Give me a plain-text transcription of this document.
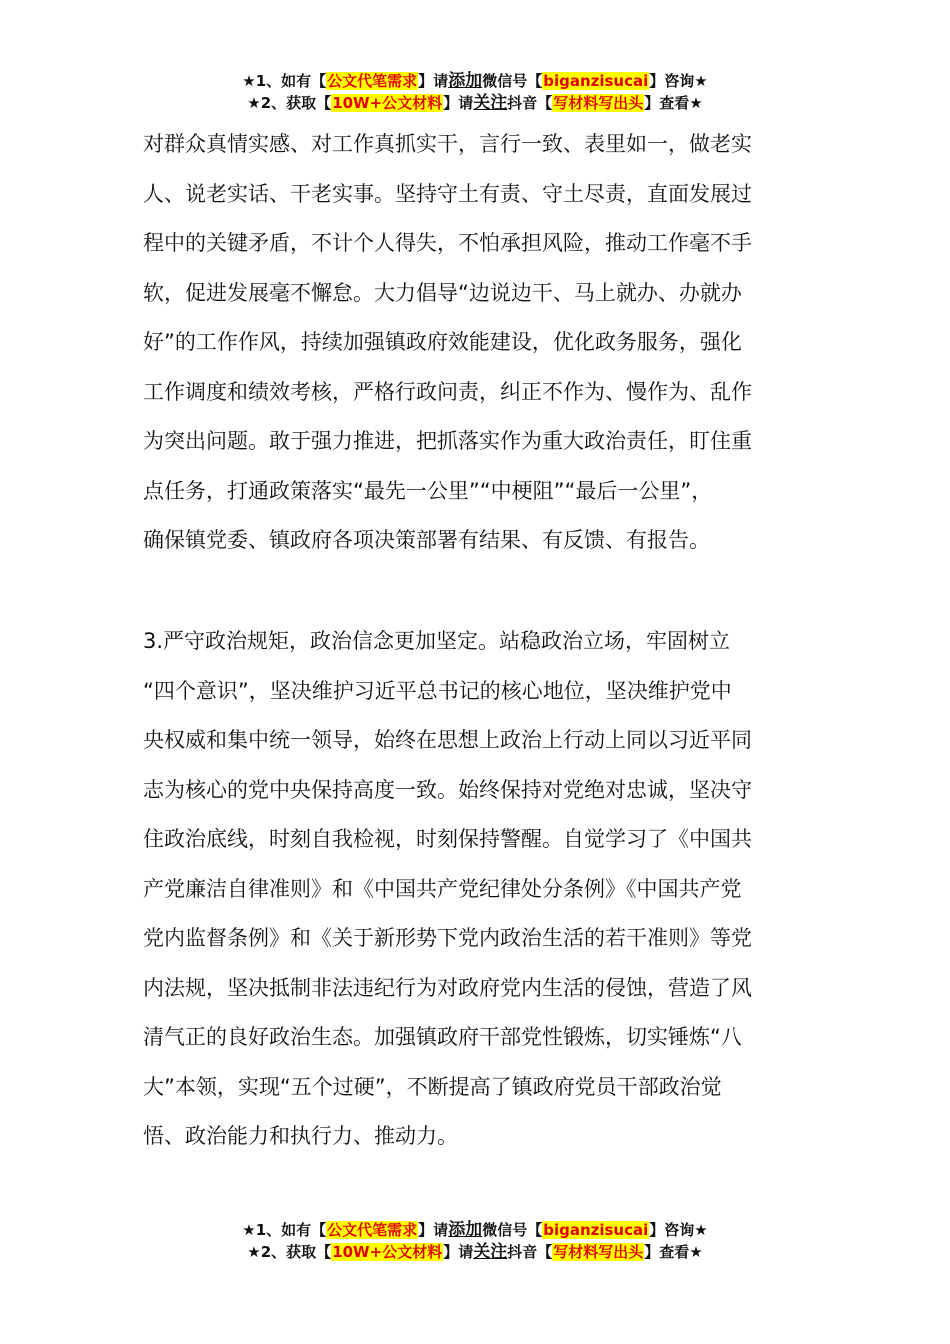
★1、如有【公文代笔需求】请添加微信号【biganzisucai】咨询★
★2、获取【10W+公文材料】请关注抖音【写材料写出头】查看★
对群众真情实感、对工作真抓实干，言行一致、表里如一，做老实
人、说老实话、干老实事。坚持守土有责、守土尽责，直面发展过
程中的关键矛盾，不计个人得失，不怕承担风险，推动工作毫不手
软，促进发展毫不懈怠。大力倡导“边说边干、马上就办、办就办
好”的工作作风，持续加强镇政府效能建设，优化政务服务，强化
工作调度和绩效考核，严格行政问责，纠正不作为、慢作为、乱作
为突出问题。敢于强力推进，把抓落实作为重大政治责任，盯住重
点任务，打通政策落实“最先一公里”“中梗阻”“最后一公里”，
确保镇党委、镇政府各项决策部署有结果、有反馈、有报告。
3.严守政治规矩，政治信念更加坚定。站稳政治立场，牢固树立
“四个意识”，坚决维护习近平总书记的核心地位，坚决维护党中
央权威和集中统一领导，始终在思想上政治上行动上同以习近平同
志为核心的党中央保持高度一致。始终保持对党绝对忠诚，坚决守
住政治底线，时刻自我检视，时刻保持警醒。自觉学习了《中国共
产党廉洁自律准则》和《中国共产党纪律处分条例》《中国共产党
党内监督条例》和《关于新形势下党内政治生活的若干准则》等党
内法规，坚决抵制非法违纪行为对政府党内生活的侵蚀，营造了风
清气正的良好政治生态。加强镇政府干部党性锻炼，切实锤炼“八
大”本领，实现“五个过硬”，不断提高了镇政府党员干部政治觉
悟、政治能力和执行力、推动力。
★1、如有【公文代笔需求】请添加微信号【biganzisucai】咨询★
★2、获取【10W+公文材料】请关注抖音【写材料写出头】查看★
